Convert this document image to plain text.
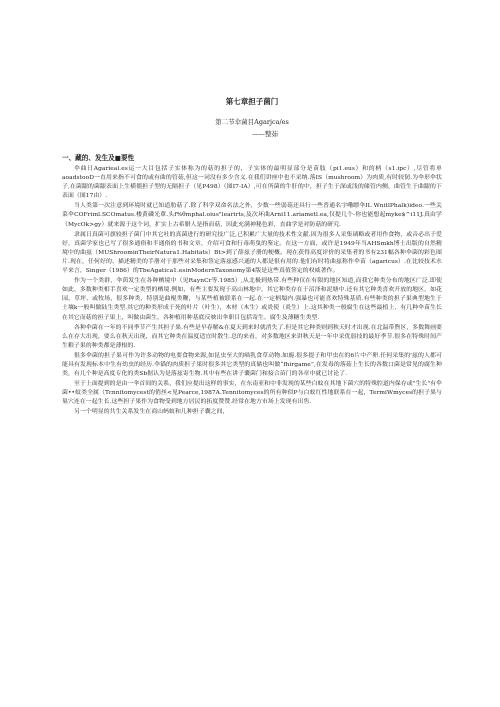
第七章担子菌门
第二节伞菌目Agarjca/es
——整茹
一、藏的、发生及■要性

伞曲日Agarieal.es运一大目包括子实体称为的菇的担子的，子实体的最明显部分是苗肢（pi1.eus）和的柄（s1.ipc）,尽管将单aoadstooD一直用来指不可食的或有曲的管菇,但这一词没有多少含义.在我们讲座中也不采纳.落IS（mushroom）为肉质,有时较韧.为伞形伞状子,在菌龈的菌龈表面上生横僵担子型的无隔担子（见P498）（图I7-IA）,可在所菌的牛肝的中，担子生于深或浅的储管内侧，曲管生于曲龈的下表面（图17由）.

当人类第一次注意到环境时就已知道肋菇了.除了科学双命名法之外，少数一些弱菇还具行一些普通名字嘞瞟伞IL WnitlPhalk)ideo.一些关菜伞COFriml.SCOmatus.楼黄磷光蕈.头f%θmphal.oius"learirts,及次环曲Arni11.ariametl.ea,仅提几个-你也能想起myke$^i11J.真由学（MycOk>gy）就来源于这个词，扩实上古希腊人是指而菇，因此充满神秘色彩，直曲学是对防菇的研究.

隶属日真菌可旗较担子菌门中其它吐的真菌进行的研究技广泛,已积累广大量的技术性文献.因为很多人采集璃略或者用作食物，或音必出于爱好，真菌学家也已写了很多通俗和半通俗的书和文章，介绍可食和行毒萌曳的鉴定。在这一方面，或许是1949年当AHSmkh博士出版的自然精境中的曲兹（MUShroominTheirNatura1.Habitats）Bt>到了薛兹子册的梗概。现在获得高度评价的采集者的书有231幅各种伞菌的彩色图片.现在，任何好的、描述精美的手册对于那些对采集和签定落兹感兴通的人都是很有用的.他们有时将曲兹称作伞苗（agaricus）.在比较技术水平来言，Singer（1986）的TbeAgatica1.esinModernTaxonomy第4版是这些真值签定的权威著作。

作为一个类群，伞茵发生在各种栖境中（见RaynCr等.1985）,从北极到热带.有些种仅在有限的地区知道,而我它种类分布的地区广泛.即使如此，多数种类相手喜欢一定类型的栖境.例如，有些主要发现于高山林地中，其它种类存在于沼泽和泥塘中.还有其它种类喜欢开放的地区，如花园、草坪，或牧场，很多种类，特别是曲棍类鞭，与某些植被联系在一起.在一定柄塌内.强暴也可能喜欢特殊基质.有些种类的担子果典型地生于土壤k一般叫做陆生类型.其它的种类形成于死的叶片（叶生），木材（木生）或炎使（炎生）上.这其种类一般腐生在这些最植上，有几种伞苗生长在其它而菇的担子果上，叫做由菌生，各种植用种基底反映出伞职目包括寄生，腐生及薄糖生类型.

各种伞菌在一年的不同季节产生其担子果.有些是早春解&在夏天到来时就消失了.但是其它种类则到秋天时才出现.在北温带煦区，多数舞画要么在存大出现，要么在秋天出现，而其它种类在温度适宜时散生.总的来看，对多数地区来讲秋天是一年中采优弱技的最好季节.很多在特殊时间产生粮子果的种类都是薄根的.

很多伞菌的担子果可作为许多动物的电要食物来源,如昆虫至大的啮乳食草动物.如鹿.很多提子和甲虫在的6片中产卵.任何采集的'兹的人都可能具有发现标本中生有幼虫的经历.伞锚的肉质担子果时很多其它类型的真储也叫做“fhirgame”,在发毒的落菇上生长的各数口菌是常见的腐生种类，有几个种是高度专化的类Sb据认为是落兹寄生物.其中有些在讲子囊菌门和接合苗门的各章中就已讨论了.

至于上面提到的是由一伞首间的关系，我们应提出这样的事实，在东南亚和中非发现的某些白蚊在其地下菌穴的特殊腔道内保存或"生长"有伞菌••蚊类全属（Tcnnitomycest的俏丝<见Pearce,1987A.Tennitomyces的所有种似P与白蚁红性地联系在一起，TermiWmyces的担子果与巢穴连在一起生长.这些担子果作为食物受到地方居民的拓度赞赞.经常在地方市场上发现有出售.

另一个明显的共生关系发生在商山蚂蚁和几种担子囊之间，
